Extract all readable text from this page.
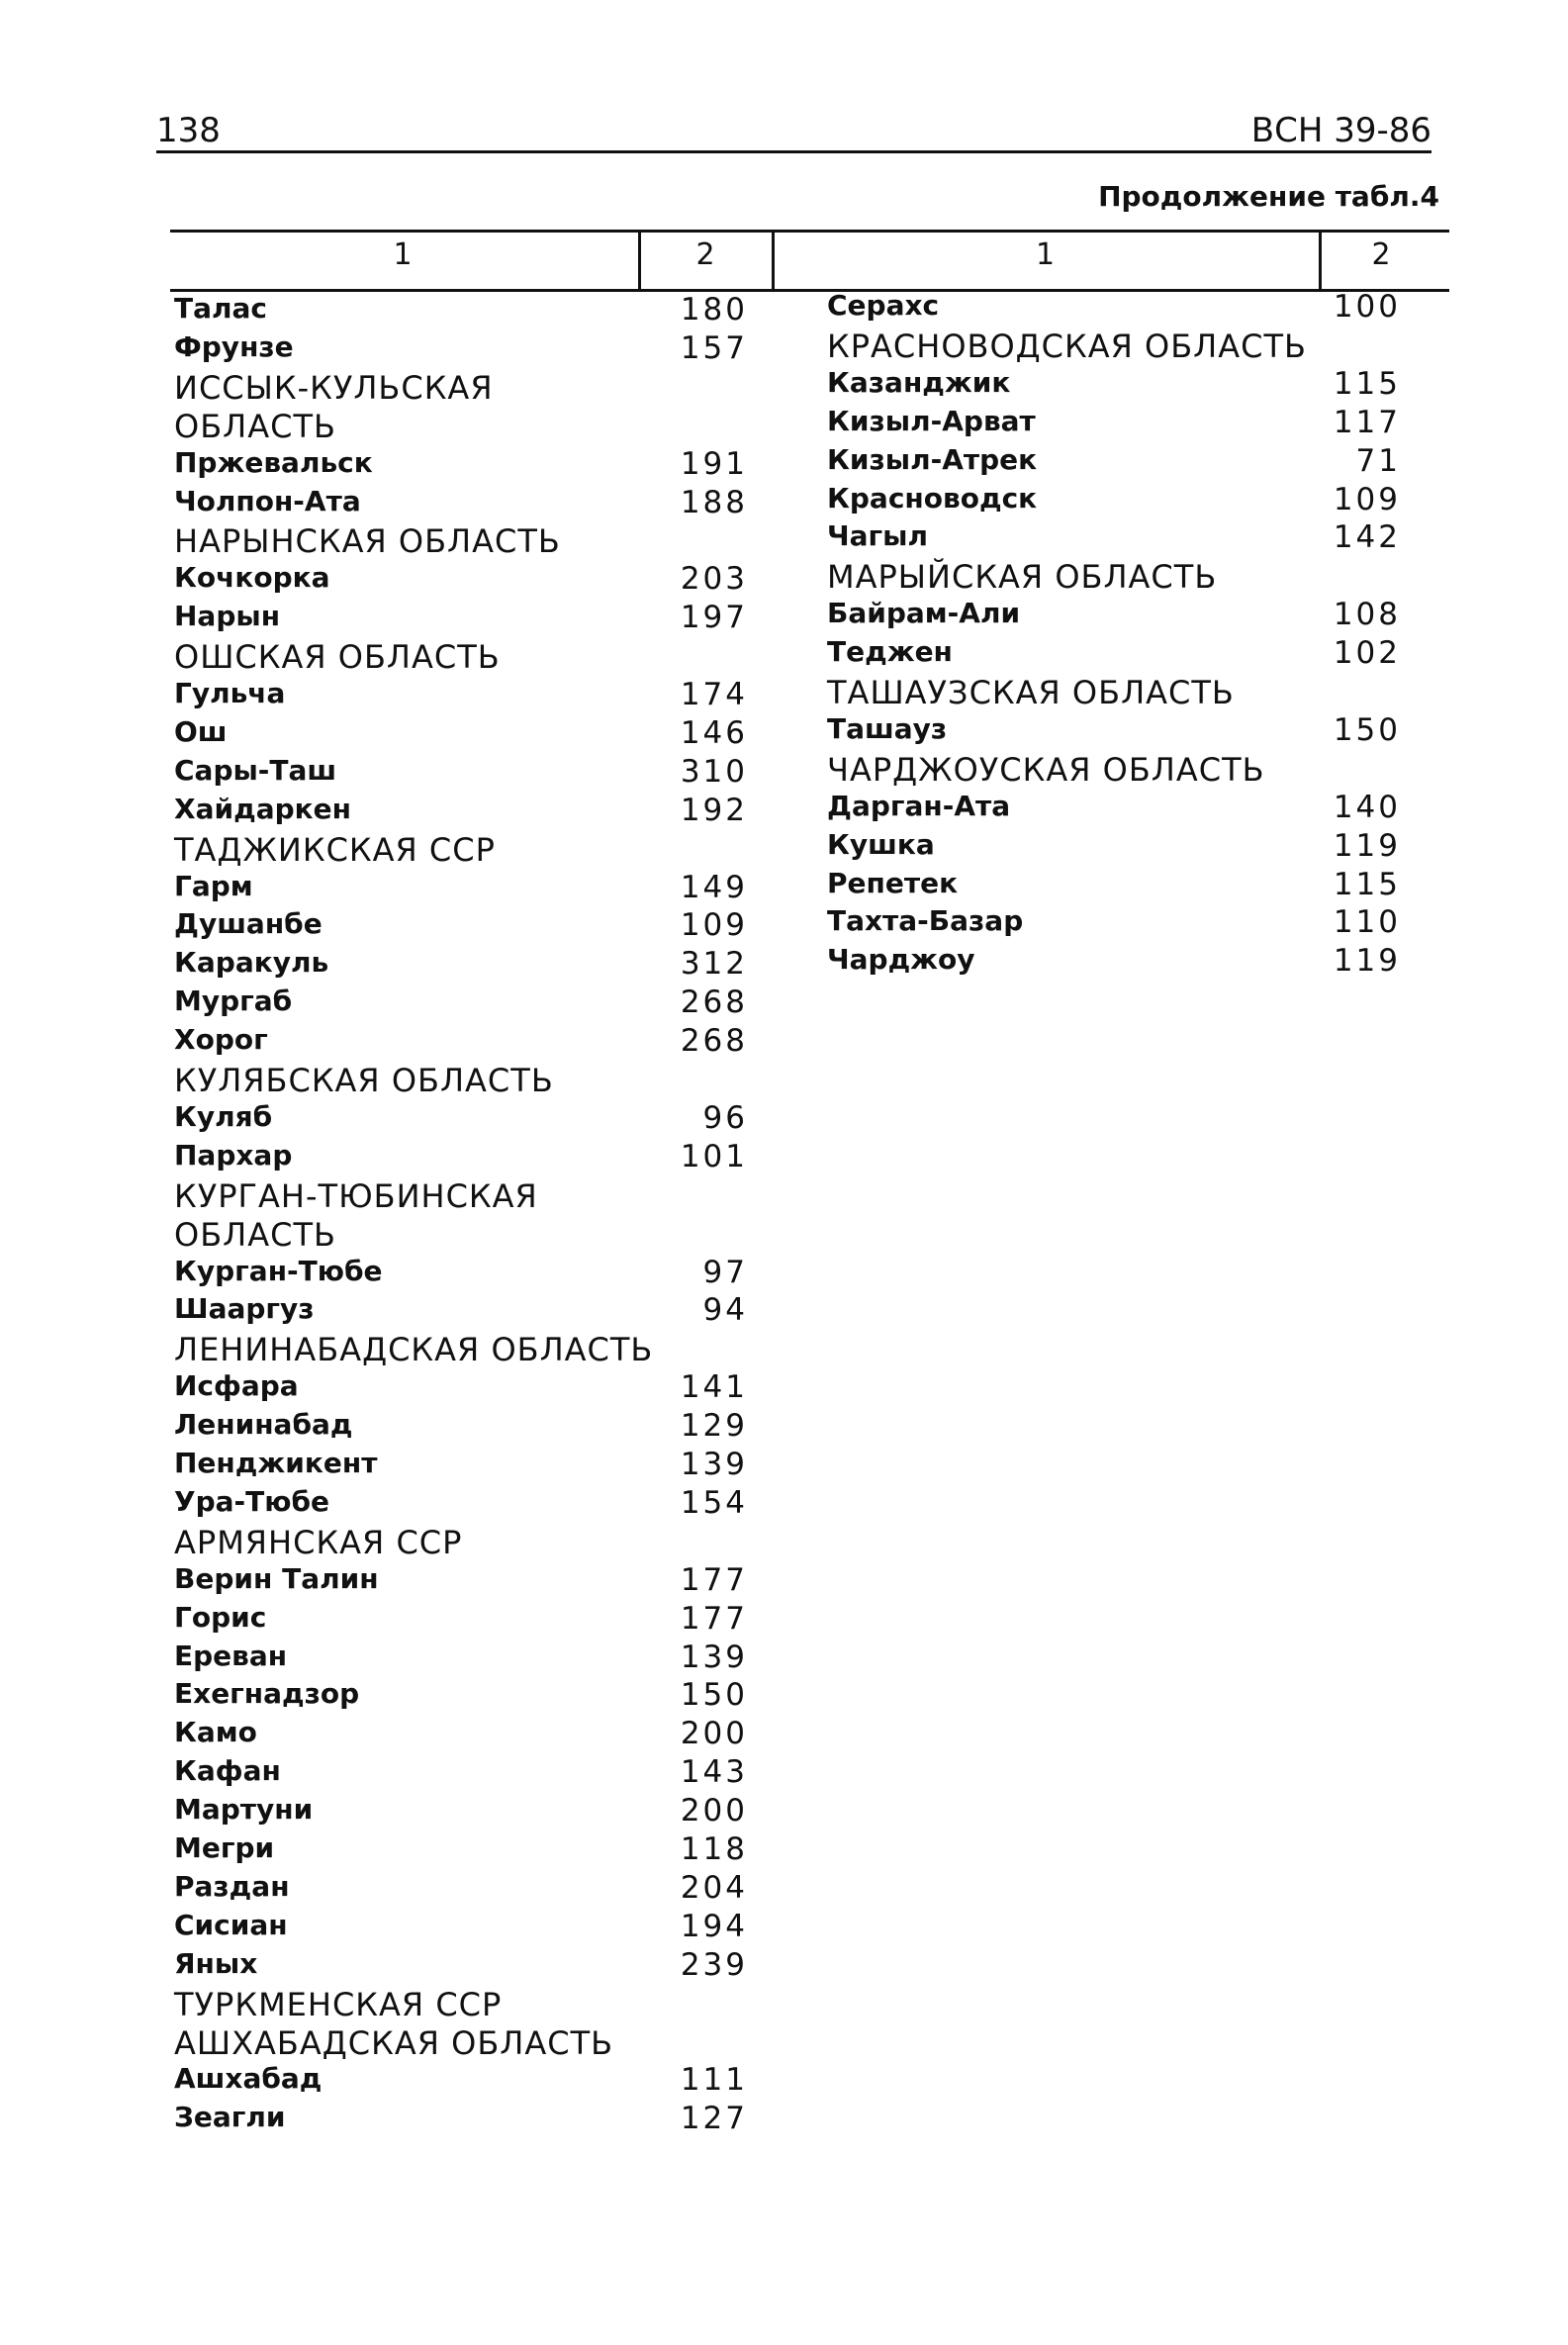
138	ВСН 39-86
Продолжение табл.4
1	2	1	2
Талас	180
Фрунзе	157
ИССЫК-КУЛЬСКАЯ
ОБЛАСТЬ
Пржевальск	191
Чолпон-Ата	188
НАРЫНСКАЯ ОБЛАСТЬ
Кочкорка	203
Нарын	197
ОШСКАЯ ОБЛАСТЬ
Гульча	174
Ош	146
Сары-Таш	310
Хайдаркен	192
ТАДЖИКСКАЯ ССР
Гарм	149
Душанбе	109
Каракуль	312
Мургаб	268
Хорог	268
КУЛЯБСКАЯ ОБЛАСТЬ
Куляб	96
Пархар	101
КУРГАН-ТЮБИНСКАЯ
ОБЛАСТЬ
Курган-Тюбе	97
Шааргуз	94
ЛЕНИНАБАДСКАЯ ОБЛАСТЬ
Исфара	141
Ленинабад	129
Пенджикент	139
Ура-Тюбе	154
АРМЯНСКАЯ ССР
Верин Талин	177
Горис	177
Ереван	139
Ехегнадзор	150
Камо	200
Кафан	143
Мартуни	200
Мегри	118
Раздан	204
Сисиан	194
Яных	239
ТУРКМЕНСКАЯ ССР
АШХАБАДСКАЯ ОБЛАСТЬ
Ашхабад	111
Зеагли	127
Серахс	100
КРАСНОВОДСКАЯ ОБЛАСТЬ
Казанджик	115
Кизыл-Арват	117
Кизыл-Атрек	71
Красноводск	109
Чагыл	142
МАРЫЙСКАЯ ОБЛАСТЬ
Байрам-Али	108
Теджен	102
ТАШАУЗСКАЯ ОБЛАСТЬ
Ташауз	150
ЧАРДЖОУСКАЯ ОБЛАСТЬ
Дарган-Ата	140
Кушка	119
Репетек	115
Тахта-Базар	110
Чарджоу	119
